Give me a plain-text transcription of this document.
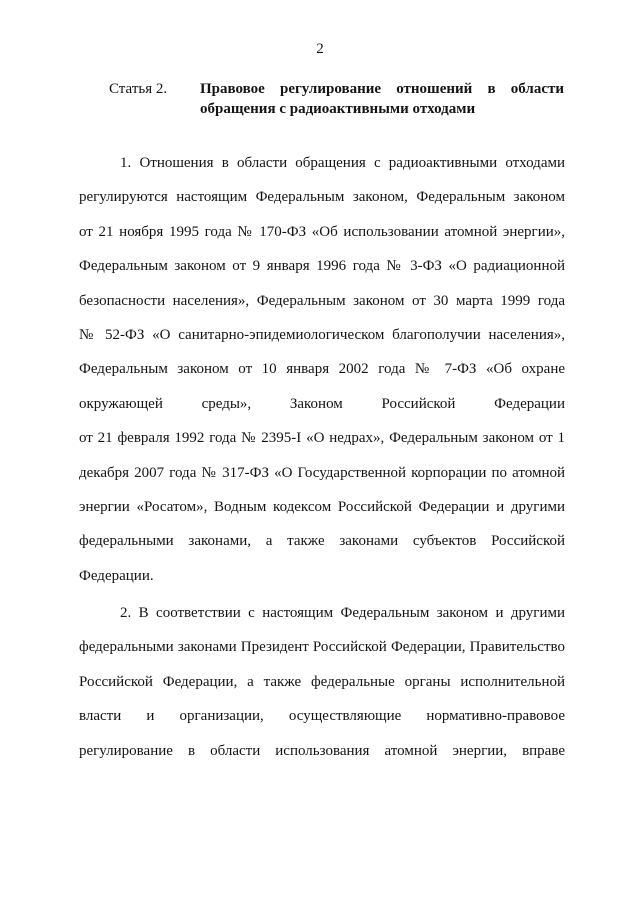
2
Статья 2. Правовое регулирование отношений в области
обращения с радиоактивными отходами
1. Отношения в области обращения с радиоактивными отходами
регулируются настоящим Федеральным законом, Федеральным законом
от 21 ноября 1995 года № 170-ФЗ «Об использовании атомной энергии»,
Федеральным законом от 9 января 1996 года № 3-ФЗ «О радиационной
безопасности населения», Федеральным законом от 30 марта 1999 года
№ 52-ФЗ «О санитарно-эпидемиологическом благополучии населения»,
Федеральным законом от 10 января 2002 года № 7-ФЗ «Об охране
окружающей среды», Законом Российской Федерации
от 21 февраля 1992 года № 2395-I «О недрах», Федеральным законом от 1
декабря 2007 года № 317-ФЗ «О Государственной корпорации по атомной
энергии «Росатом», Водным кодексом Российской Федерации и другими
федеральными законами, а также законами субъектов Российской
Федерации.
2. В соответствии с настоящим Федеральным законом и другими
федеральными законами Президент Российской Федерации, Правительство
Российской Федерации, а также федеральные органы исполнительной
власти и организации, осуществляющие нормативно-правовое
регулирование в области использования атомной энергии, вправе
